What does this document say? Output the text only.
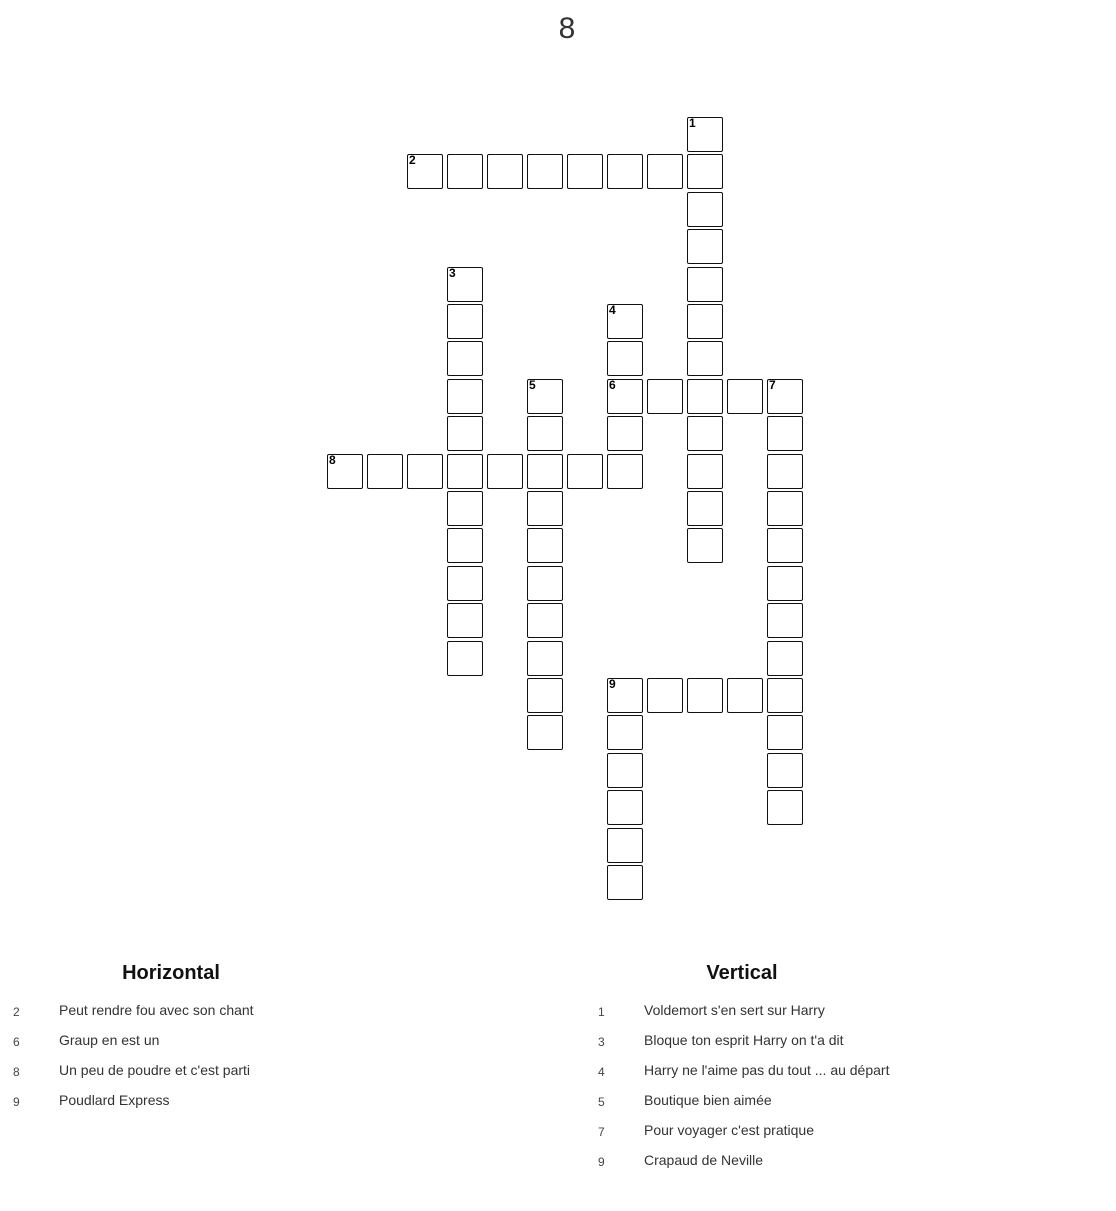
8
1
2
3
4
5	6	7
8
9
Horizontal
2	Peut rendre fou avec son chant
6	Graup en est un
8	Un peu de poudre et c'est parti
9	Poudlard Express
Vertical
1	Voldemort s'en sert sur Harry
3	Bloque ton esprit Harry on t'a dit
4	Harry ne l'aime pas du tout ... au départ
5	Boutique bien aimée
7	Pour voyager c'est pratique
9	Crapaud de Neville
